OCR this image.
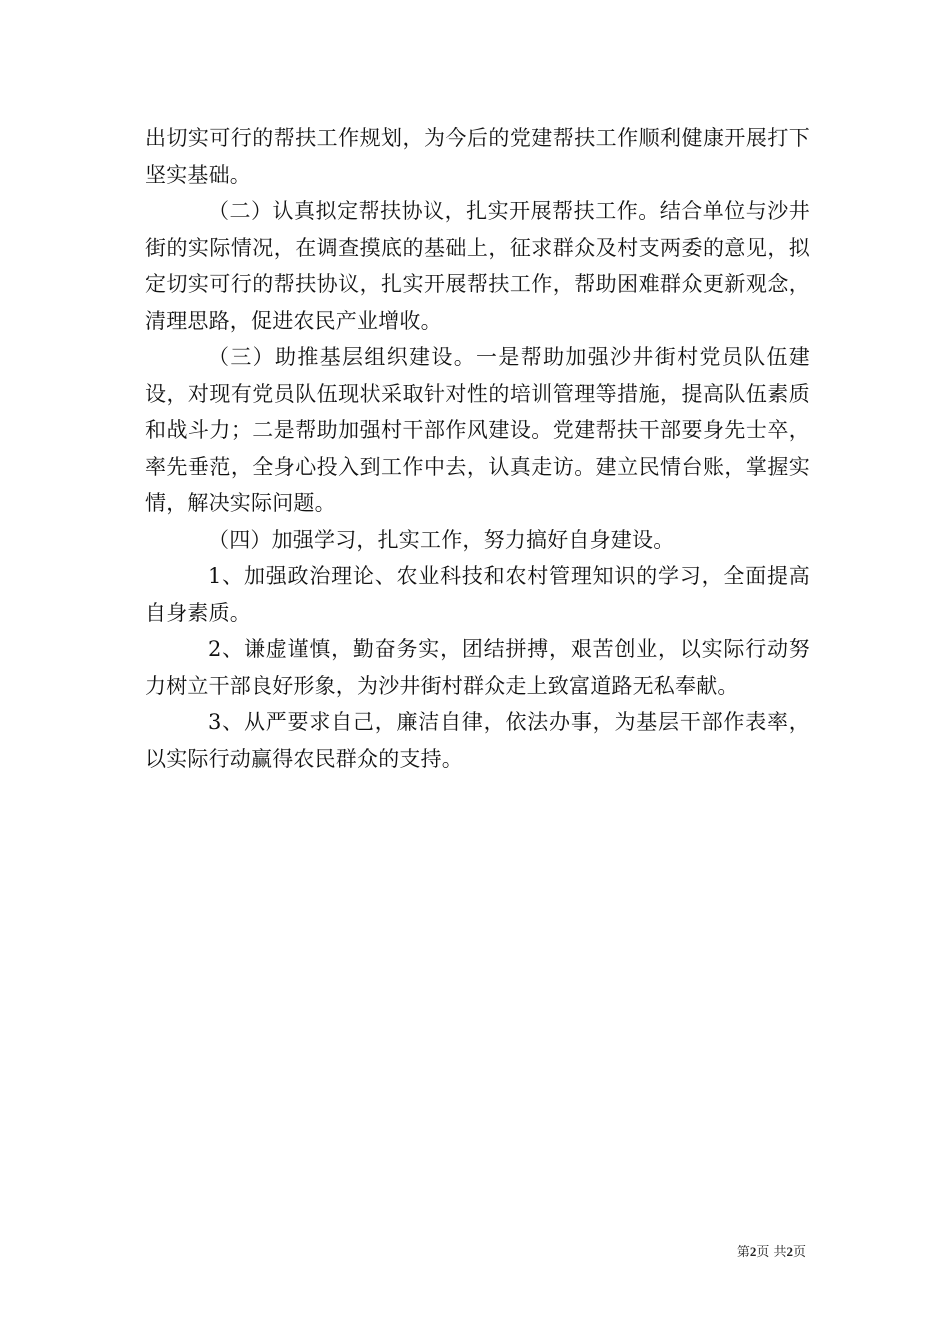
出切实可行的帮扶工作规划，为今后的党建帮扶工作顺利健康开展打下坚实基础。

（二）认真拟定帮扶协议，扎实开展帮扶工作。结合单位与沙井街的实际情况，在调查摸底的基础上，征求群众及村支两委的意见，拟定切实可行的帮扶协议，扎实开展帮扶工作，帮助困难群众更新观念，清理思路，促进农民产业增收。

（三）助推基层组织建设。一是帮助加强沙井街村党员队伍建设，对现有党员队伍现状采取针对性的培训管理等措施，提高队伍素质和战斗力；二是帮助加强村干部作风建设。党建帮扶干部要身先士卒，率先垂范，全身心投入到工作中去，认真走访。建立民情台账，掌握实情，解决实际问题。

（四）加强学习，扎实工作，努力搞好自身建设。

1、加强政治理论、农业科技和农村管理知识的学习，全面提高自身素质。

2、谦虚谨慎，勤奋务实，团结拼搏，艰苦创业，以实际行动努力树立干部良好形象，为沙井街村群众走上致富道路无私奉献。

3、从严要求自己，廉洁自律，依法办事，为基层干部作表率，以实际行动赢得农民群众的支持。

第2页 共2页
